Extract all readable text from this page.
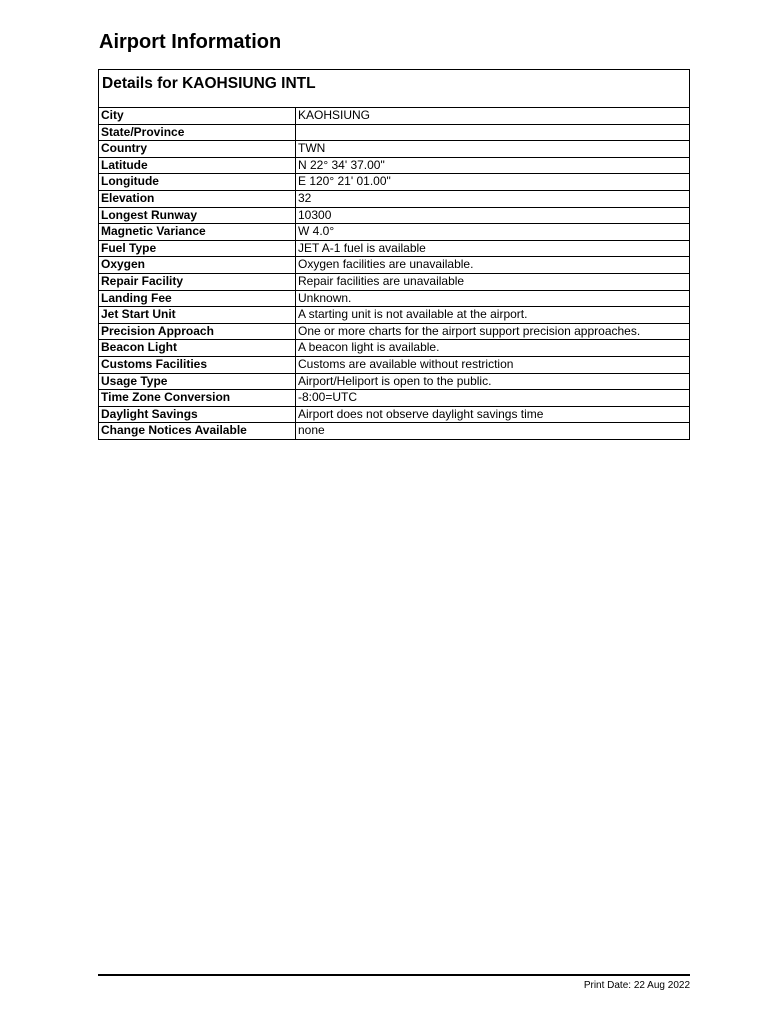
Airport Information
Details for KAOHSIUNG INTL
City	KAOHSIUNG
State/Province	
Country	TWN
Latitude	N 22° 34' 37.00"
Longitude	E 120° 21' 01.00"
Elevation	32
Longest Runway	10300
Magnetic Variance	W 4.0°
Fuel Type	JET A-1 fuel is available
Oxygen	Oxygen facilities are unavailable.
Repair Facility	Repair facilities are unavailable
Landing Fee	Unknown.
Jet Start Unit	A starting unit is not available at the airport.
Precision Approach	One or more charts for the airport support precision approaches.
Beacon Light	A beacon light is available.
Customs Facilities	Customs are available without restriction
Usage Type	Airport/Heliport is open to the public.
Time Zone Conversion	-8:00=UTC
Daylight Savings	Airport does not observe daylight savings time
Change Notices Available	none
Print Date: 22 Aug 2022
